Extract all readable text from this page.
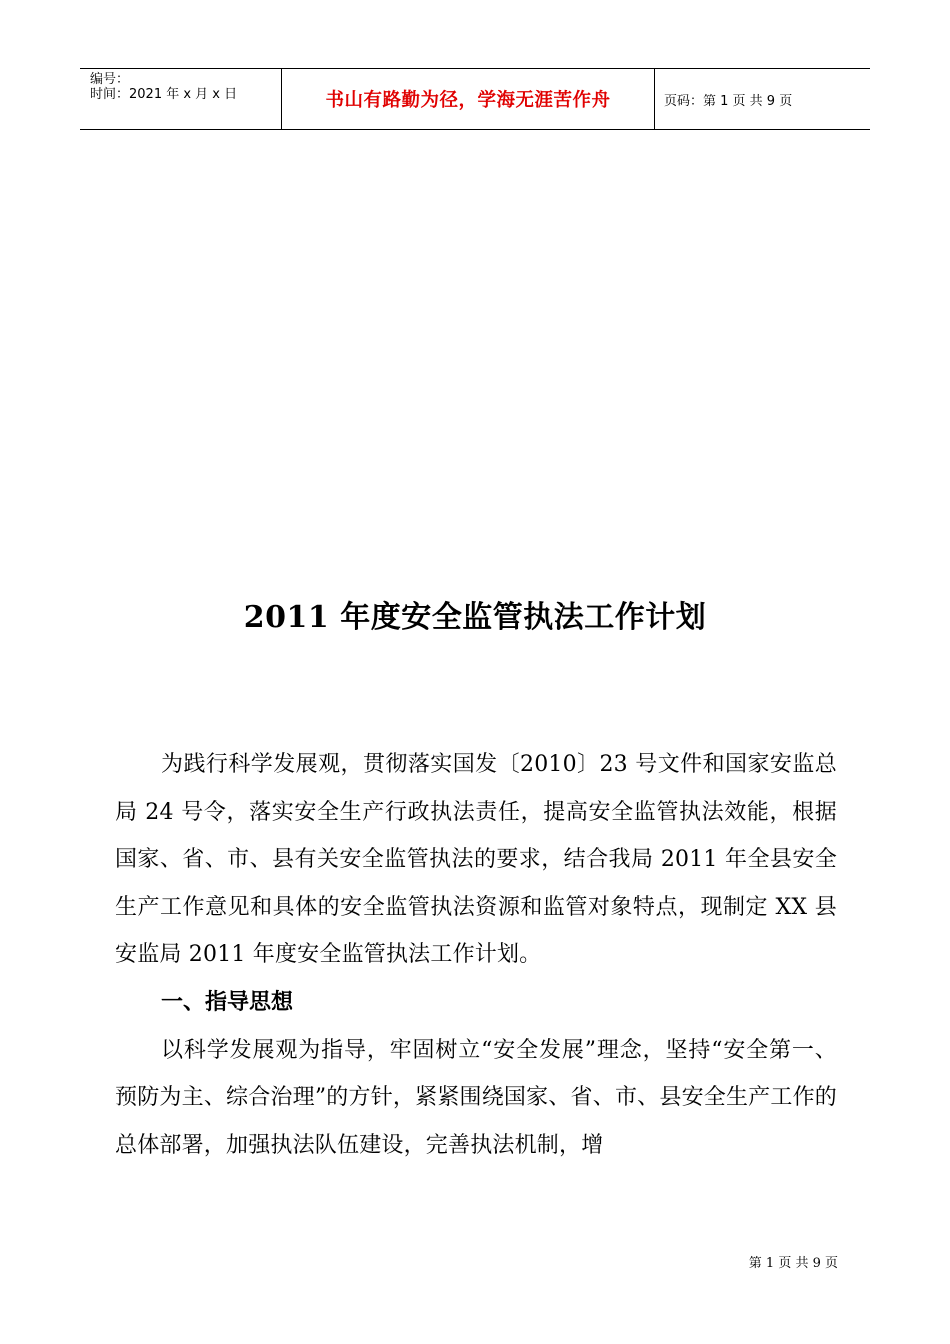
编号：
时间：2021 年 x 月 x 日	书山有路勤为径，学海无涯苦作舟	页码：第 1 页 共 9 页
2011 年度安全监管执法工作计划

为践行科学发展观，贯彻落实国发〔2010〕23 号文件和国家安监总局 24 号令，落实安全生产行政执法责任，提高安全监管执法效能，根据国家、省、市、县有关安全监管执法的要求，结合我局 2011 年全县安全生产工作意见和具体的安全监管执法资源和监管对象特点，现制定 XX 县安监局 2011 年度安全监管执法工作计划。

一、指导思想

以科学发展观为指导，牢固树立“安全发展”理念，坚持“安全第一、预防为主、综合治理”的方针，紧紧围绕国家、省、市、县安全生产工作的总体部署，加强执法队伍建设，完善执法机制，增

第 1 页 共 9 页
